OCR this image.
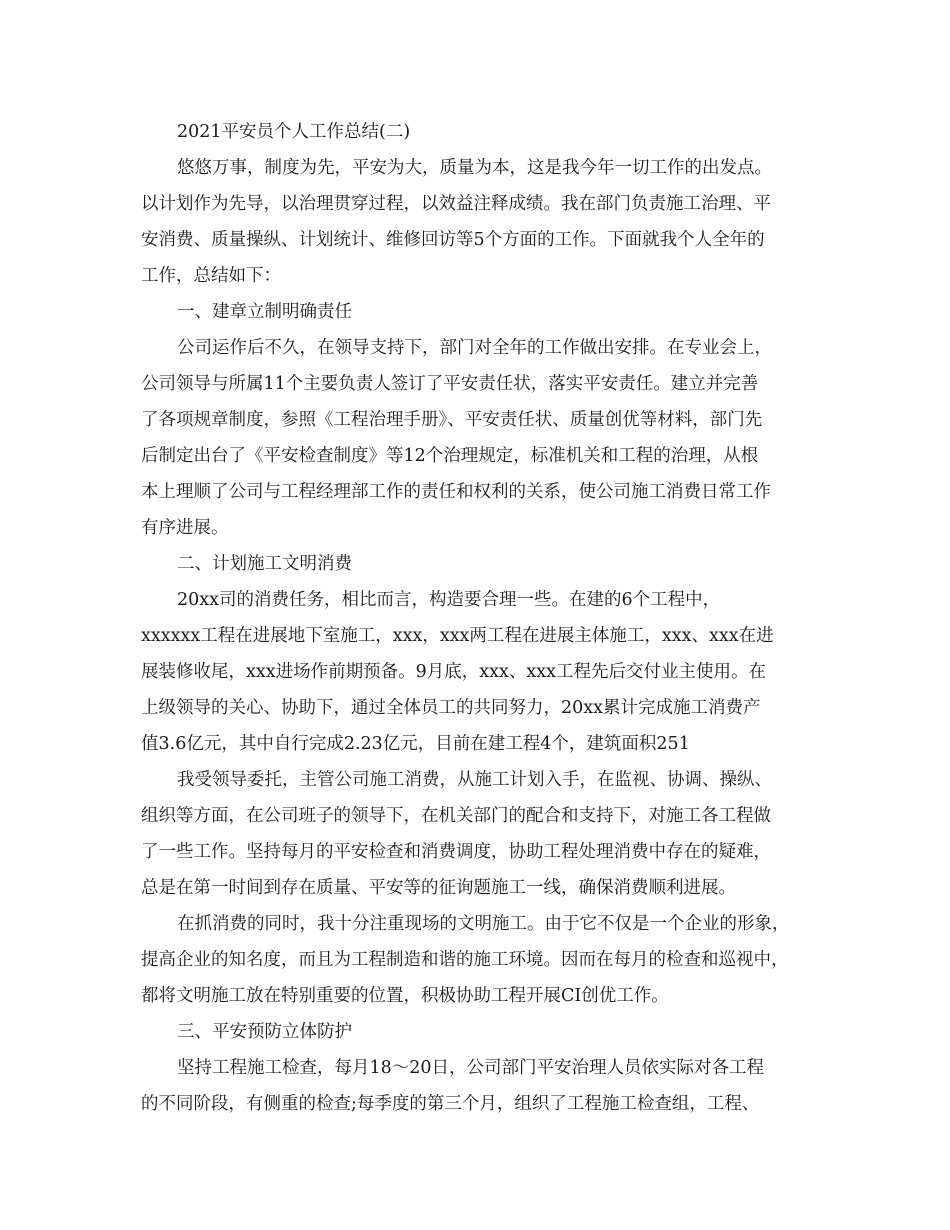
2021平安员个人工作总结(二)
悠悠万事，制度为先，平安为大，质量为本，这是我今年一切工作的出发点。
以计划作为先导，以治理贯穿过程，以效益注释成绩。我在部门负责施工治理、平
安消费、质量操纵、计划统计、维修回访等5个方面的工作。下面就我个人全年的
工作，总结如下：
一、建章立制明确责任
公司运作后不久，在领导支持下，部门对全年的工作做出安排。在专业会上，
公司领导与所属11个主要负责人签订了平安责任状，落实平安责任。建立并完善
了各项规章制度，参照《工程治理手册》、平安责任状、质量创优等材料，部门先
后制定出台了《平安检查制度》等12个治理规定，标准机关和工程的治理，从根
本上理顺了公司与工程经理部工作的责任和权利的关系，使公司施工消费日常工作
有序进展。
二、计划施工文明消费
20xx司的消费任务，相比而言，构造要合理一些。在建的6个工程中，
xxxxxx工程在进展地下室施工，xxx，xxx两工程在进展主体施工，xxx、xxx在进
展装修收尾，xxx进场作前期预备。9月底，xxx、xxx工程先后交付业主使用。在
上级领导的关心、协助下，通过全体员工的共同努力，20xx累计完成施工消费产
值3.6亿元，其中自行完成2.23亿元，目前在建工程4个，建筑面积251
我受领导委托，主管公司施工消费，从施工计划入手，在监视、协调、操纵、
组织等方面，在公司班子的领导下，在机关部门的配合和支持下，对施工各工程做
了一些工作。坚持每月的平安检查和消费调度，协助工程处理消费中存在的疑难，
总是在第一时间到存在质量、平安等的征询题施工一线，确保消费顺利进展。
在抓消费的同时，我十分注重现场的文明施工。由于它不仅是一个企业的形象，
提高企业的知名度，而且为工程制造和谐的施工环境。因而在每月的检查和巡视中，
都将文明施工放在特别重要的位置，积极协助工程开展CI创优工作。
三、平安预防立体防护
坚持工程施工检查，每月18～20日，公司部门平安治理人员依实际对各工程
的不同阶段，有侧重的检查;每季度的第三个月，组织了工程施工检查组，工程、
